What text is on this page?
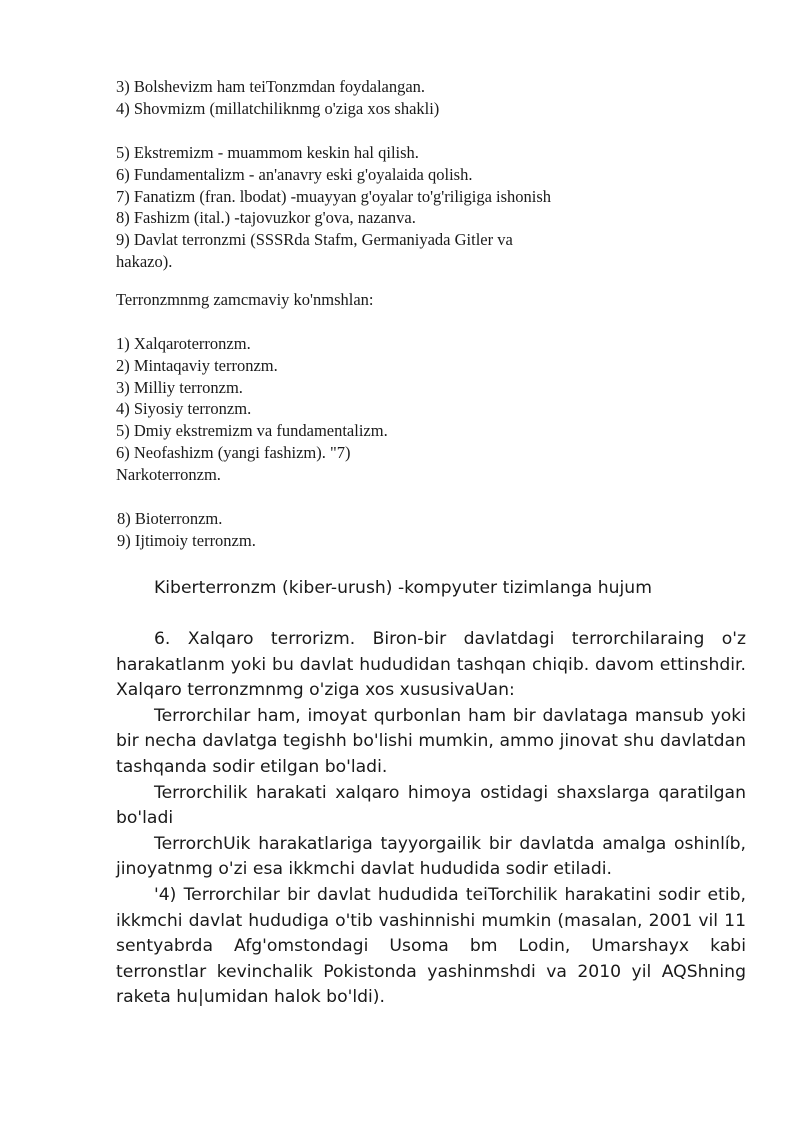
3) Bolshevizm ham teiTonzmdan foydalangan.
4) Shovmizm (millatchiliknmg o'ziga xos shakli)
5) Ekstremizm - muammom keskin hal qilish.
6) Fundamentalizm - an'anavry eski g'oyalaida qolish.
7) Fanatizm (fran. lbodat) -muayyan g'oyalar to'g'riligiga ishonish
8) Fashizm (ital.) -tajovuzkor g'ova, nazanva.
9) Davlat terronzmi (SSSRda Stafm, Germaniyada Gitler va
hakazo).
Terronzmnmg zamcmaviy ko'nmshlan:
1) Xalqaroterronzm.
2) Mintaqaviy terronzm.
3) Milliy terronzm.
4) Siyosiy terronzm.
5) Dmiy ekstremizm va fundamentalizm.
6) Neofashizm (yangi fashizm). "7)
Narkoterronzm.
8) Bioterronzm.
9) Ijtimoiy terronzm.
Kiberterronzm (kiber-urush) -kompyuter tizimlanga hujum

6. Xalqaro terrorizm. Biron-bir davlatdagi terrorchilaraing o'z harakatlanm yoki bu davlat hududidan tashqan chiqib. davom ettinshdir. Xalqaro terronzmnmg o'ziga xos xususivaUan:

Terrorchilar ham, imoyat qurbonlan ham bir davlataga mansub yoki bir necha davlatga tegishh bo'lishi mumkin, ammo jinovat shu davlatdan tashqanda sodir etilgan bo'ladi.

Terrorchilik harakati xalqaro himoya ostidagi shaxslarga qaratilgan bo'ladi

TerrorchUik harakatlariga tayyorgailik bir davlatda amalga oshinlíb, jinoyatnmg o'zi esa ikkmchi davlat hududida sodir etiladi.

'4) Terrorchilar bir davlat hududida teiTorchilik harakatini sodir etib, ikkmchi davlat hududiga o'tib vashinnishi mumkin (masalan, 2001 vil 11 sentyabrda Afg'omstondagi Usoma bm Lodin, Umarshayx kabi terronstlar kevinchalik Pokistonda yashinmshdi va 2010 yil AQShning raketa hu|umidan halok bo'ldi).
